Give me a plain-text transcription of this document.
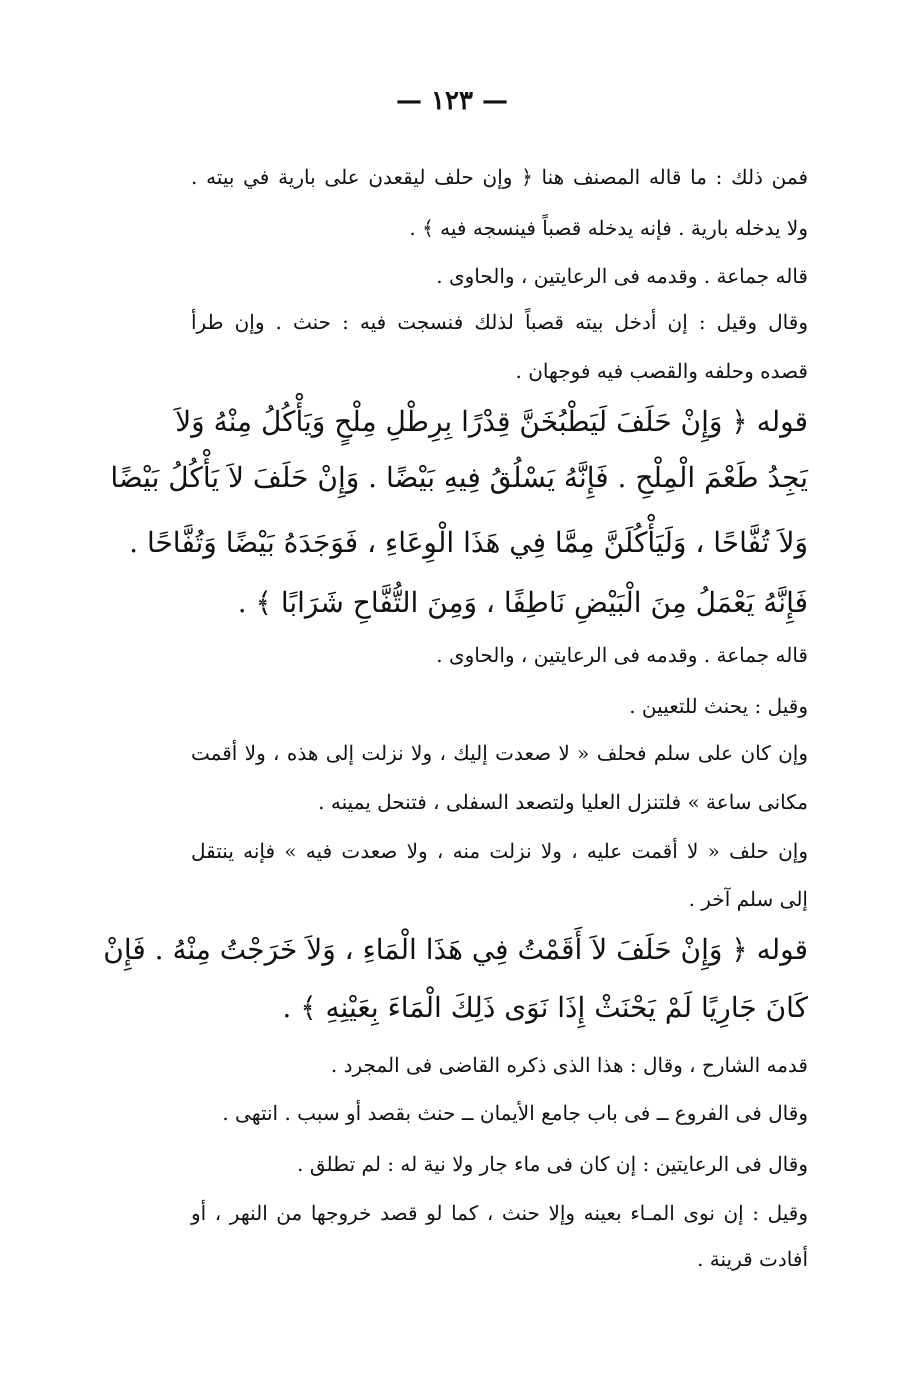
— ١٢٣ —
فمن ذلك : ما قاله المصنف هنا ﴿ وإن حلف ليقعدن على بارية في بيته .
ولا يدخله بارية . فإنه يدخله قصباً فينسجه فيه ﴾ .
قاله جماعة . وقدمه فى الرعايتين ، والحاوى .
وقال وقيل : إن أدخل بيته قصباً لذلك فنسجت فيه : حنث . وإن طرأ
قصده وحلفه والقصب فيه فوجهان .
قوله ﴿ وَإِنْ حَلَفَ لَيَطْبُخَنَّ قِدْرًا بِرِطْلِ مِلْحٍ وَيَأْكُلُ مِنْهُ وَلاَ
يَجِدُ طَعْمَ الْمِلْحِ . فَإِنَّهُ يَسْلُقُ فِيهِ بَيْضًا . وَإِنْ حَلَفَ لاَ يَأْكُلُ بَيْضًا
وَلاَ تُفَّاحًا ، وَلَيَأْكُلَنَّ مِمَّا فِي هَذَا الْوِعَاءِ ، فَوَجَدَهُ بَيْضًا وَتُفَّاحًا .
فَإِنَّهُ يَعْمَلُ مِنَ الْبَيْضِ نَاطِفًا ، وَمِنَ التُّفَّاحِ شَرَابًا ﴾ .
قاله جماعة . وقدمه فى الرعايتين ، والحاوى .
وقيل : يحنث للتعيين .
وإن كان على سلم فحلف « لا صعدت إليك ، ولا نزلت إلى هذه ، ولا أقمت
مكانى ساعة » فلتنزل العليا ولتصعد السفلى ، فتنحل يمينه .
وإن حلف « لا أقمت عليه ، ولا نزلت منه ، ولا صعدت فيه » فإنه ينتقل
إلى سلم آخر .
قوله ﴿ وَإِنْ حَلَفَ لاَ أَقَمْتُ فِي هَذَا الْمَاءِ ، وَلاَ خَرَجْتُ مِنْهُ . فَإِنْ
كَانَ جَارِيًا لَمْ يَحْنَثْ إِذَا نَوَى ذَلِكَ الْمَاءَ بِعَيْنِهِ ﴾ .
قدمه الشارح ، وقال : هذا الذى ذكره القاضى فى المجرد .
وقال فى الفروع ــ فى باب جامع الأيمان ــ حنث بقصد أو سبب . انتهى .
وقال فى الرعايتين : إن كان فى ماء جار ولا نية له : لم تطلق .
وقيل : إن نوى المـاء بعينه وإلا حنث ، كما لو قصد خروجها من النهر ، أو
أفادت قرينة .
